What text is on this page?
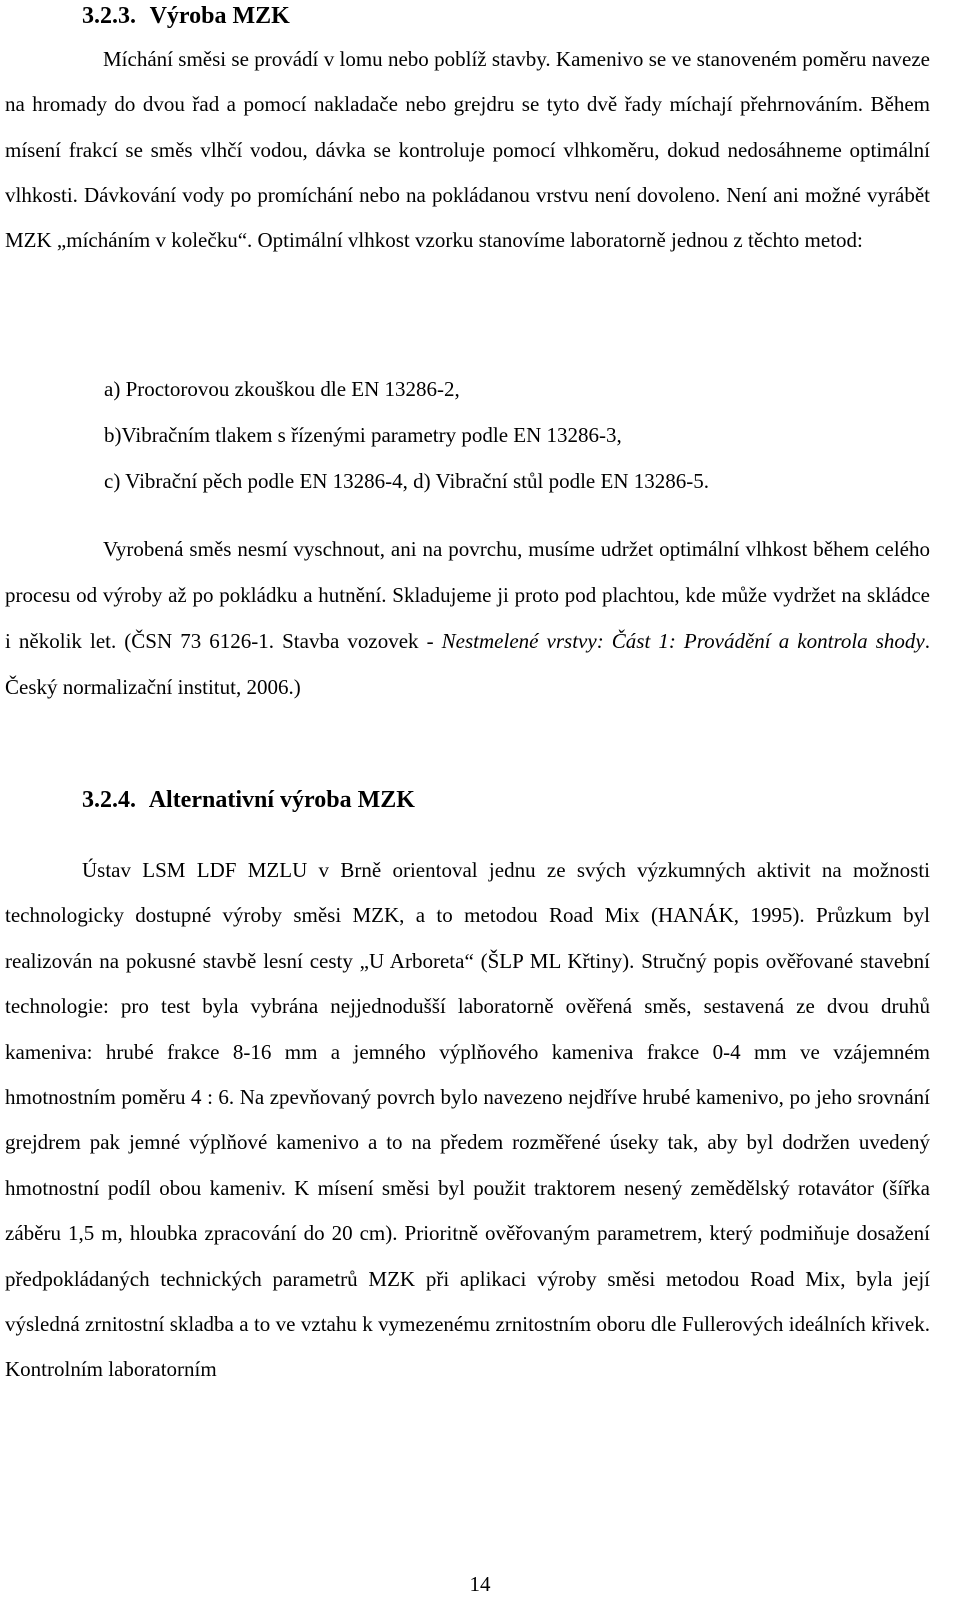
3.2.3. Výroba MZK
Míchání směsi se provádí v lomu nebo poblíž stavby. Kamenivo se ve stanoveném poměru naveze na hromady do dvou řad a pomocí nakladače nebo grejdru se tyto dvě řady míchají přehrnováním. Během mísení frakcí se směs vlhčí vodou, dávka se kontroluje pomocí vlhkoměru, dokud nedosáhneme optimální vlhkosti. Dávkování vody po promíchání nebo na pokládanou vrstvu není dovoleno. Není ani možné vyrábět MZK „mícháním v kolečku“. Optimální vlhkost vzorku stanovíme laboratorně jednou z těchto metod:
a) Proctorovou zkouškou dle EN 13286-2,
b)Vibračním tlakem s řízenými parametry podle EN 13286-3,
c) Vibrační pěch podle EN 13286-4, d) Vibrační stůl podle EN 13286-5.
Vyrobená směs nesmí vyschnout, ani na povrchu, musíme udržet optimální vlhkost během celého procesu od výroby až po pokládku a hutnění. Skladujeme ji proto pod plachtou, kde může vydržet na skládce i několik let. (ČSN 73 6126-1. Stavba vozovek - Nestmelené vrstvy: Část 1: Provádění a kontrola shody. Český normalizační institut, 2006.)
3.2.4. Alternativní výroba MZK
Ústav LSM LDF MZLU v Brně orientoval jednu ze svých výzkumných aktivit na možnosti technologicky dostupné výroby směsi MZK, a to metodou Road Mix (HANÁK, 1995). Průzkum byl realizován na pokusné stavbě lesní cesty „U Arboreta“ (ŠLP ML Křtiny). Stručný popis ověřované stavební technologie: pro test byla vybrána nejjednodušší laboratorně ověřená směs, sestavená ze dvou druhů kameniva: hrubé frakce 8-16 mm a jemného výplňového kameniva frakce 0-4 mm ve vzájemném hmotnostním poměru 4 : 6. Na zpevňovaný povrch bylo navezeno nejdříve hrubé kamenivo, po jeho srovnání grejdrem pak jemné výplňové kamenivo a to na předem rozměřené úseky tak, aby byl dodržen uvedený hmotnostní podíl obou kameniv. K mísení směsi byl použit traktorem nesený zemědělský rotavátor (šířka záběru 1,5 m, hloubka zpracování do 20 cm). Prioritně ověřovaným parametrem, který podmiňuje dosažení předpokládaných technických parametrů MZK při aplikaci výroby směsi metodou Road Mix, byla její výsledná zrnitostní skladba a to ve vztahu k vymezenému zrnitostním oboru dle Fullerových ideálních křivek. Kontrolním laboratorním
14
